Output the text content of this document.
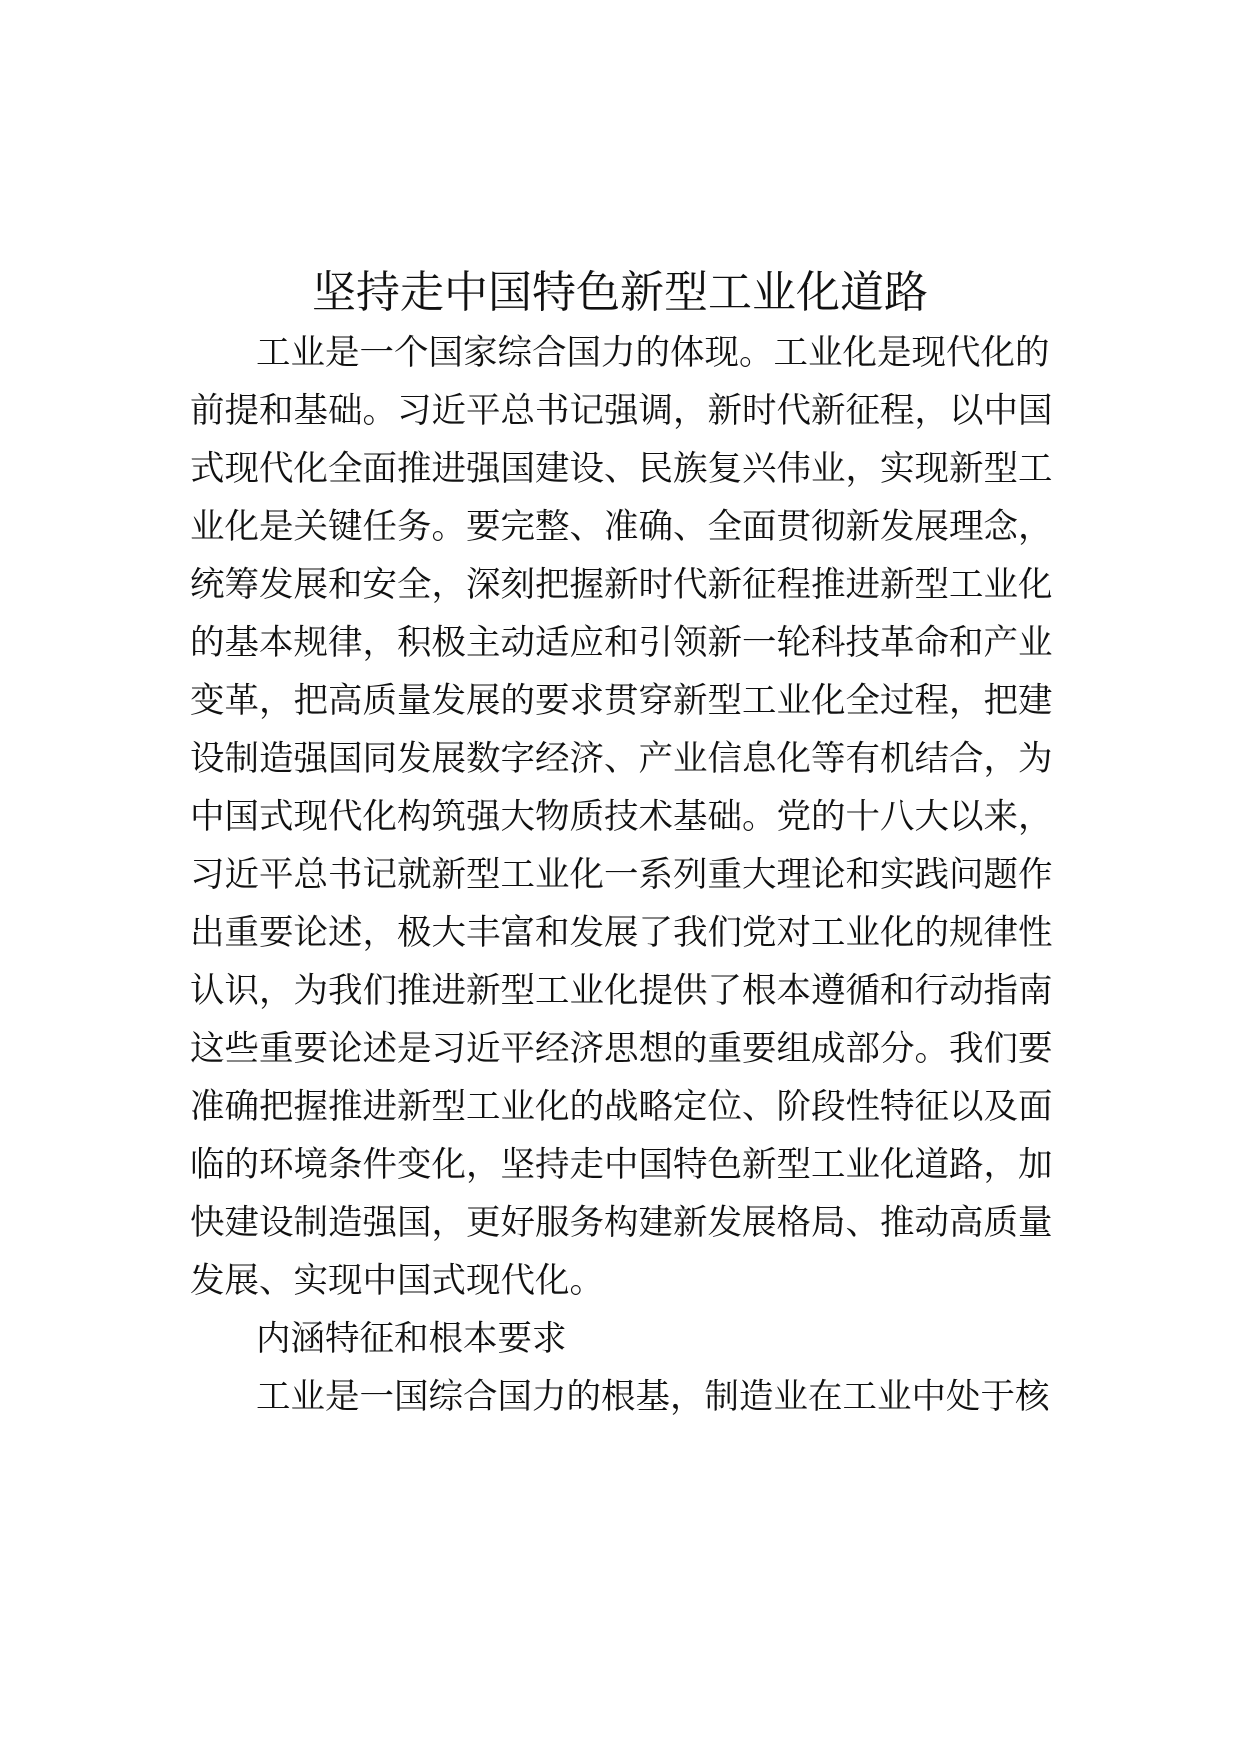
坚持走中国特色新型工业化道路
工业是一个国家综合国力的体现。工业化是现代化的
前提和基础。习近平总书记强调，新时代新征程，以中国
式现代化全面推进强国建设、民族复兴伟业，实现新型工
业化是关键任务。要完整、准确、全面贯彻新发展理念，
统筹发展和安全，深刻把握新时代新征程推进新型工业化
的基本规律，积极主动适应和引领新一轮科技革命和产业
变革，把高质量发展的要求贯穿新型工业化全过程，把建
设制造强国同发展数字经济、产业信息化等有机结合，为
中国式现代化构筑强大物质技术基础。党的十八大以来，
习近平总书记就新型工业化一系列重大理论和实践问题作
出重要论述，极大丰富和发展了我们党对工业化的规律性
认识，为我们推进新型工业化提供了根本遵循和行动指南
这些重要论述是习近平经济思想的重要组成部分。我们要
准确把握推进新型工业化的战略定位、阶段性特征以及面
临的环境条件变化，坚持走中国特色新型工业化道路，加
快建设制造强国，更好服务构建新发展格局、推动高质量
发展、实现中国式现代化。
内涵特征和根本要求
工业是一国综合国力的根基，制造业在工业中处于核
